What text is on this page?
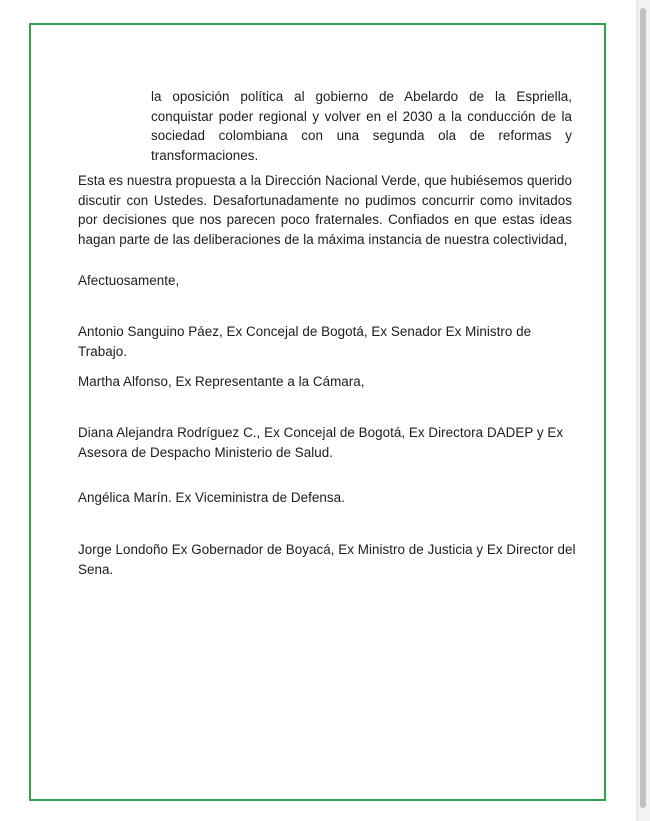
la oposición política al gobierno de Abelardo de la Espriella, conquistar poder regional y volver en el 2030 a la conducción de la sociedad colombiana con una segunda ola de reformas y transformaciones.

Esta es nuestra propuesta a la Dirección Nacional Verde, que hubiésemos querido discutir con Ustedes. Desafortunadamente no pudimos concurrir como invitados por decisiones que nos parecen poco fraternales. Confiados en que estas ideas hagan parte de las deliberaciones de la máxima instancia de nuestra colectividad,

Afectuosamente,

Antonio Sanguino Páez, Ex Concejal de Bogotá, Ex Senador Ex Ministro de Trabajo.

Martha Alfonso, Ex Representante a la Cámara,

Diana Alejandra Rodríguez C., Ex Concejal de Bogotá, Ex Directora DADEP y Ex Asesora de Despacho Ministerio de Salud.

Angélica Marín. Ex Viceministra de Defensa.

Jorge Londoño Ex Gobernador de Boyacá, Ex Ministro de Justicia y Ex Director del Sena.
